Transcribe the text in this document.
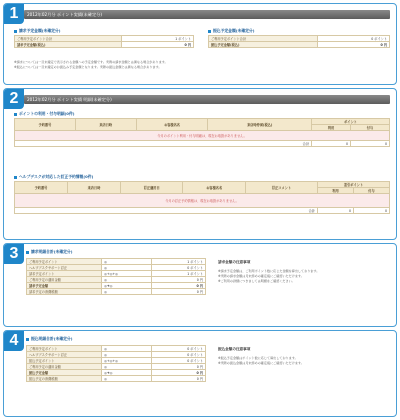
1	2012年02月分 ポイント実績(未確定分)
請求予定金額(未確定分)
ご利用予定ポイント合計	1 ポイント
請求予定金額(税込)	0 円
振込予定金額(未確定分)
ご利用予定ポイント合計	0 ポイント
振込予定金額(税込)	0 円
※請求については一旦未確定で表示される金額への予定金額です。実際の請求金額とは異なる場合があります。
※振込については一旦未確定のお振込み予定金額となります。実際の振込金額とは異なる場合があります。
2	2012年02月分 ポイント実績 明細(未確定分)
ポイントの利用・付与明細(0件)
予約番号	来店日時	お客様名名	来店時券面(税込)	ポイント	
				利用	付与
今月のポイント利用・付与明細は、現在お取扱がありません。					
合計				0	0
ヘルプデスクが対応した訂正予約情報(0件)
予約番号	来店日時	訂正適用日	お客様名名	訂正コメント	差引ポイント	
					利用	付与
今月の訂正予約情報は、現在お取扱がありません。						
合計					0	0
3	請求明細合計(未確定分)
ご利用予定ポイント	◎	1 ポイント
ヘルプデスクサポート訂正	◎	0 ポイント
請求予定ポイント	◎+◎+◎	1 ポイント
ご利用予定の適用金額	◎	0 円
請求予定金額	◎+◎	0 円
請求予定の消費税額	◎	0 円
請求金額の注意事項
※請求予定金額は、ご利用ポイント数に応じた金額を算出しております。
※実際の請求金額は月末締めの確定後にご確認いただけます。
※ご利用の詳細につきましては明細をご確認ください。
4	振込明細合計(未確定分)
ご利用予定ポイント	◎	0 ポイント
ヘルプデスクサポート訂正	◎	0 ポイント
振込予定ポイント	◎+◎+◎	0 ポイント
ご利用予定の適用金額	◎	0 円
振込予定金額	◎+◎	0 円
振込予定の消費税額	◎	0 円
振込金額の注意事項
※振込予定金額はポイント数に応じて算出しております。
※実際の振込金額は月末締めの確定後にご確認いただけます。
